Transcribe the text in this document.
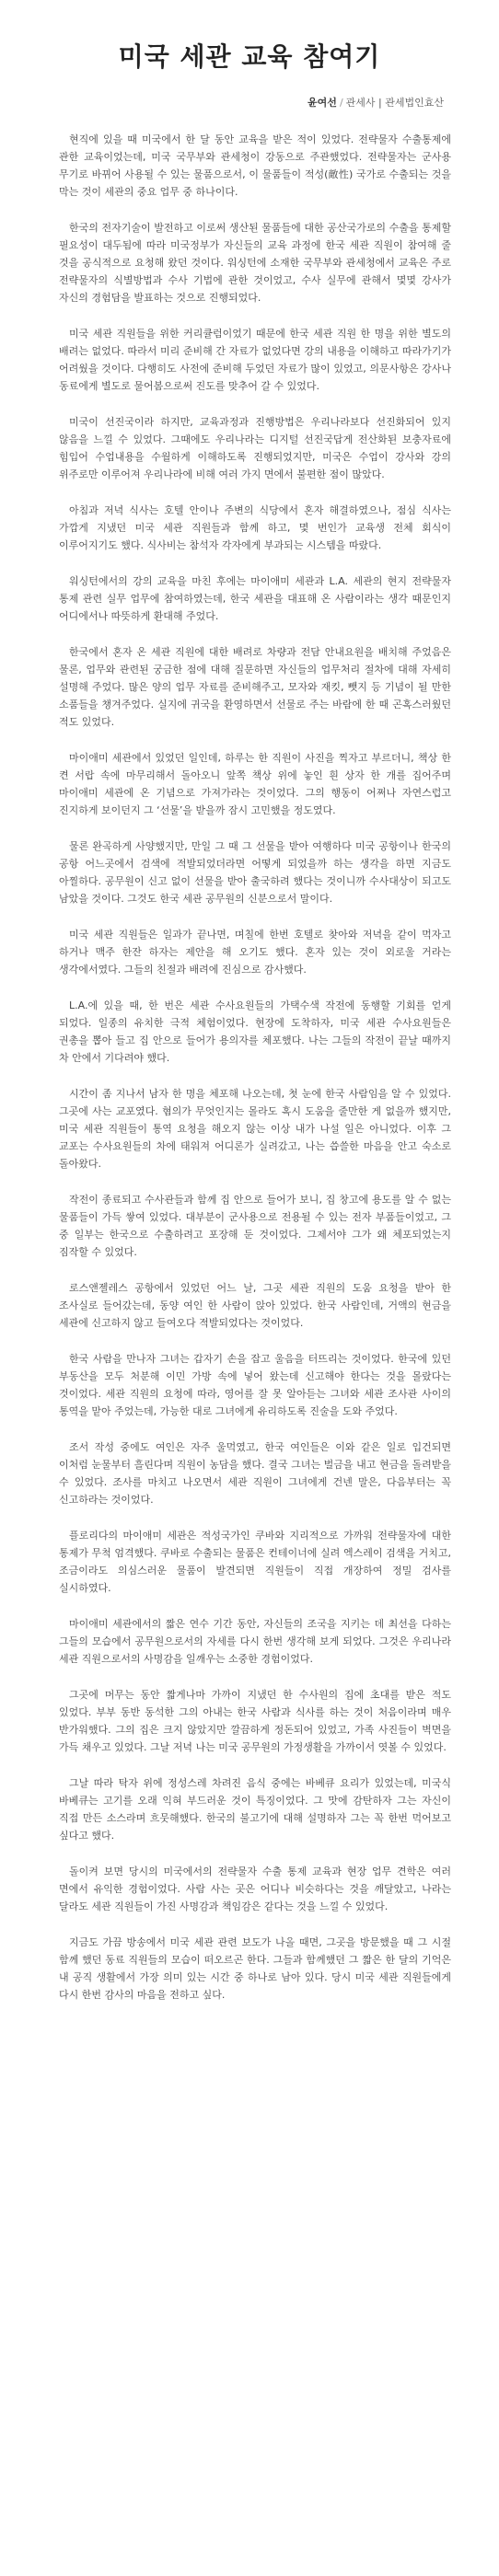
미국 세관 교육 참여기

윤여선 / 관세사 | 관세법인효산

현직에 있을 때 미국에서 한 달 동안 교육을 받은 적이 있었다. 전략물자 수출통제에 관한 교육이었는데, 미국 국무부와 관세청이 강동으로 주관했었다. 전략물자는 군사용 무기로 바뀌어 사용될 수 있는 물품으로서, 이 물품들이 적성(敵性) 국가로 수출되는 것을 막는 것이 세관의 중요 업무 중 하나이다.

한국의 전자기술이 발전하고 이로써 생산된 물품들에 대한 공산국가로의 수출을 통제할 필요성이 대두됨에 따라 미국정부가 자신들의 교육 과정에 한국 세관 직원이 참여해 줄 것을 공식적으로 요청해 왔던 것이다. 워싱턴에 소재한 국무부와 관세청에서 교육은 주로 전략물자의 식별방법과 수사 기법에 관한 것이었고, 수사 실무에 관해서 몇몇 강사가 자신의 경험담을 발표하는 것으로 진행되었다.

미국 세관 직원들을 위한 커리큘럼이었기 때문에 한국 세관 직원 한 명을 위한 별도의 배려는 없었다. 따라서 미리 준비해 간 자료가 없었다면 강의 내용을 이해하고 따라가기가 어려웠을 것이다. 다행히도 사전에 준비해 두었던 자료가 많이 있었고, 의문사항은 강사나 동료에게 별도로 물어봄으로써 진도를 맞추어 갈 수 있었다.

미국이 선진국이라 하지만, 교육과정과 진행방법은 우리나라보다 선진화되어 있지 않음을 느낄 수 있었다. 그때에도 우리나라는 디지털 선진국답게 전산화된 보충자료에 힘입어 수업내용을 수월하게 이해하도록 진행되었지만, 미국은 수업이 강사와 강의 위주로만 이루어져 우리나라에 비해 여러 가지 면에서 불편한 점이 많았다.

아침과 저녁 식사는 호텔 안이나 주변의 식당에서 혼자 해결하였으나, 점심 식사는 가깝게 지냈던 미국 세관 직원들과 함께 하고, 몇 번인가 교육생 전체 회식이 이루어지기도 했다. 식사비는 참석자 각자에게 부과되는 시스템을 따랐다.

워싱턴에서의 강의 교육을 마친 후에는 마이애미 세관과 L.A. 세관의 현지 전략물자 통제 관련 실무 업무에 참여하였는데, 한국 세관을 대표해 온 사람이라는 생각 때문인지 어디에서나 따뜻하게 환대해 주었다.

한국에서 혼자 온 세관 직원에 대한 배려로 차량과 전담 안내요원을 배치해 주었음은 물론, 업무와 관련된 궁금한 점에 대해 질문하면 자신들의 업무처리 절차에 대해 자세히 설명해 주었다. 많은 양의 업무 자료를 준비해주고, 모자와 재킷, 뺏지 등 기념이 될 만한 소품들을 챙겨주었다. 실지에 귀국을 환영하면서 선물로 주는 바람에 한 때 곤혹스러웠던 적도 있었다.

마이애미 세관에서 있었던 일인데, 하루는 한 직원이 사진을 찍자고 부르더니, 책상 한 켠 서랍 속에 마무리해서 돌아오니 앞쪽 책상 위에 놓인 흰 상자 한 개를 집어주며 마이애미 세관에 온 기념으로 가져가라는 것이었다. 그의 행동이 어쩌나 자연스럽고 진지하게 보이던지 그 ‘선물’을 받을까 잠시 고민했을 정도였다.

물론 완곡하게 사양했지만, 만일 그 때 그 선물을 받아 여행하다 미국 공항이나 한국의 공항 어느곳에서 검색에 적발되었더라면 어떻게 되었을까 하는 생각을 하면 지금도 아찔하다. 공무원이 신고 없이 선물을 받아 출국하려 했다는 것이니까 수사대상이 되고도 남았을 것이다. 그것도 한국 세관 공무원의 신분으로서 말이다.

미국 세관 직원들은 일과가 끝나면, 며칠에 한번 호텔로 찾아와 저녁을 같이 먹자고 하거나 맥주 한잔 하자는 제안을 해 오기도 했다. 혼자 있는 것이 외로울 거라는 생각에서였다. 그들의 친절과 배려에 진심으로 감사했다.

L.A.에 있을 때, 한 번은 세관 수사요원들의 가택수색 작전에 동행할 기회를 얻게 되었다. 일종의 유치한 극적 체험이었다. 현장에 도착하자, 미국 세관 수사요원들은 권총을 뽑아 들고 집 안으로 들어가 용의자를 체포했다. 나는 그들의 작전이 끝날 때까지 차 안에서 기다려야 했다.

시간이 좀 지나서 남자 한 명을 체포해 나오는데, 첫 눈에 한국 사람임을 알 수 있었다. 그곳에 사는 교포였다. 혐의가 무엇인지는 몰라도 혹시 도움을 줄만한 게 없을까 했지만, 미국 세관 직원들이 통역 요청을 해오지 않는 이상 내가 나설 일은 아니었다. 이후 그 교포는 수사요원들의 차에 태워져 어디론가 실려갔고, 나는 씁쓸한 마음을 안고 숙소로 돌아왔다.

작전이 종료되고 수사관들과 함께 집 안으로 들어가 보니, 집 창고에 용도를 알 수 없는 물품들이 가득 쌓여 있었다. 대부분이 군사용으로 전용될 수 있는 전자 부품들이었고, 그 중 일부는 한국으로 수출하려고 포장해 둔 것이었다. 그제서야 그가 왜 체포되었는지 짐작할 수 있었다.

로스앤젤레스 공항에서 있었던 어느 날, 그곳 세관 직원의 도움 요청을 받아 한 조사실로 들어갔는데, 동양 여인 한 사람이 앉아 있었다. 한국 사람인데, 거액의 현금을 세관에 신고하지 않고 들여오다 적발되었다는 것이었다.

한국 사람을 만나자 그녀는 갑자기 손을 잡고 울음을 터뜨리는 것이었다. 한국에 있던 부동산을 모두 처분해 이민 가방 속에 넣어 왔는데 신고해야 한다는 것을 몰랐다는 것이었다. 세관 직원의 요청에 따라, 영어를 잘 못 알아듣는 그녀와 세관 조사관 사이의 통역을 맡아 주었는데, 가능한 대로 그녀에게 유리하도록 진술을 도와 주었다.

조서 작성 중에도 여인은 자주 울먹였고, 한국 여인들은 이와 같은 일로 입건되면 이처럼 눈물부터 흘린다며 직원이 농담을 했다. 결국 그녀는 벌금을 내고 현금을 돌려받을 수 있었다. 조사를 마치고 나오면서 세관 직원이 그녀에게 건넨 말은, 다음부터는 꼭 신고하라는 것이었다.

플로리다의 마이애미 세관은 적성국가인 쿠바와 지리적으로 가까워 전략물자에 대한 통제가 무척 엄격했다. 쿠바로 수출되는 물품은 컨테이너에 실려 엑스레이 검색을 거치고, 조금이라도 의심스러운 물품이 발견되면 직원들이 직접 개장하여 정밀 검사를 실시하였다.

마이애미 세관에서의 짧은 연수 기간 동안, 자신들의 조국을 지키는 데 최선을 다하는 그들의 모습에서 공무원으로서의 자세를 다시 한번 생각해 보게 되었다. 그것은 우리나라 세관 직원으로서의 사명감을 일깨우는 소중한 경험이었다.

그곳에 머무는 동안 짧게나마 가까이 지냈던 한 수사원의 집에 초대를 받은 적도 있었다. 부부 동반 동석한 그의 아내는 한국 사람과 식사를 하는 것이 처음이라며 매우 반가워했다. 그의 집은 크지 않았지만 깔끔하게 정돈되어 있었고, 가족 사진들이 벽면을 가득 채우고 있었다. 그날 저녁 나는 미국 공무원의 가정생활을 가까이서 엿볼 수 있었다.

그날 따라 탁자 위에 정성스레 차려진 음식 중에는 바베큐 요리가 있었는데, 미국식 바베큐는 고기를 오래 익혀 부드러운 것이 특징이었다. 그 맛에 감탄하자 그는 자신이 직접 만든 소스라며 흐뭇해했다. 한국의 불고기에 대해 설명하자 그는 꼭 한번 먹어보고 싶다고 했다.

돌이켜 보면 당시의 미국에서의 전략물자 수출 통제 교육과 현장 업무 견학은 여러 면에서 유익한 경험이었다. 사람 사는 곳은 어디나 비슷하다는 것을 깨달았고, 나라는 달라도 세관 직원들이 가진 사명감과 책임감은 같다는 것을 느낄 수 있었다.

지금도 가끔 방송에서 미국 세관 관련 보도가 나올 때면, 그곳을 방문했을 때 그 시절 함께 했던 동료 직원들의 모습이 떠오르곤 한다. 그들과 함께했던 그 짧은 한 달의 기억은 내 공직 생활에서 가장 의미 있는 시간 중 하나로 남아 있다. 당시 미국 세관 직원들에게 다시 한번 감사의 마음을 전하고 싶다.
